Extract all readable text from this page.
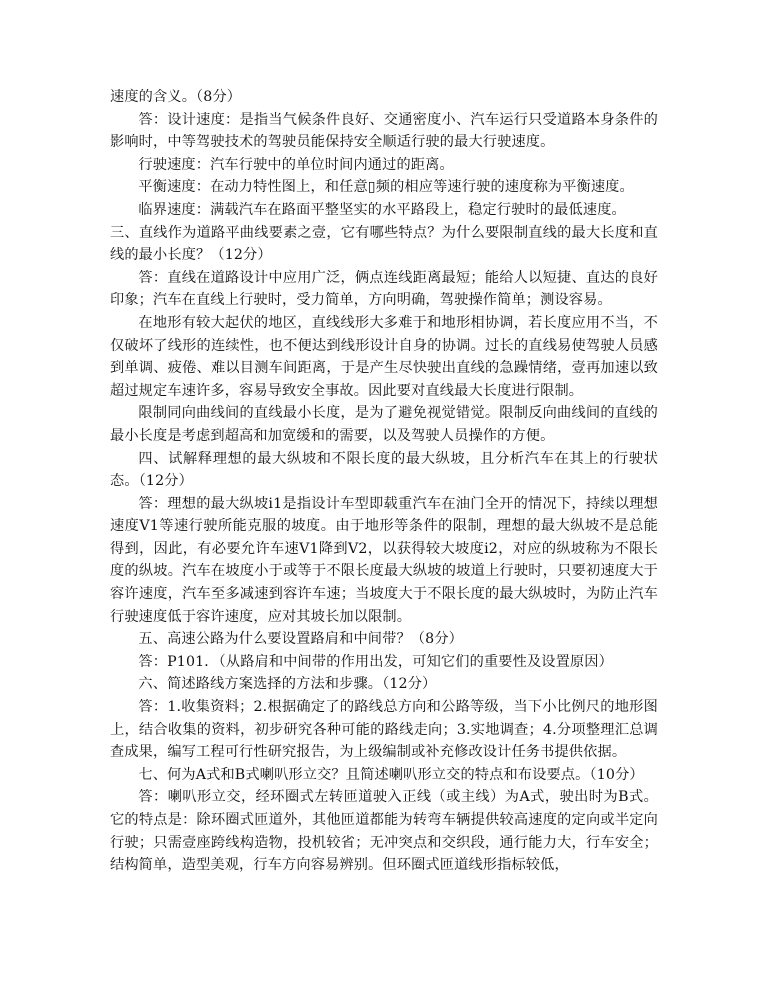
速度的含义。（8分）

答：设计速度：是指当气候条件良好、交通密度小、汽车运行只受道路本身条件的影响时，中等驾驶技术的驾驶员能保持安全顺适行驶的最大行驶速度。

行驶速度：汽车行驶中的单位时间内通过的距离。

平衡速度：在动力特性图上，和任意▯频的相应等速行驶的速度称为平衡速度。

临界速度：满载汽车在路面平整坚实的水平路段上，稳定行驶时的最低速度。

三、直线作为道路平曲线要素之壹，它有哪些特点？为什么要限制直线的最大长度和直线的最小长度？（12分）

答：直线在道路设计中应用广泛，俩点连线距离最短；能给人以短捷、直达的良好印象；汽车在直线上行驶时，受力简单，方向明确，驾驶操作简单；测设容易。

在地形有较大起伏的地区，直线线形大多难于和地形相协调，若长度应用不当，不仅破坏了线形的连续性，也不便达到线形设计自身的协调。过长的直线易使驾驶人员感到单调、疲倦、难以目测车间距离，于是产生尽快驶出直线的急躁情绪，壹再加速以致超过规定车速许多，容易导致安全事故。因此要对直线最大长度进行限制。

限制同向曲线间的直线最小长度，是为了避免视觉错觉。限制反向曲线间的直线的最小长度是考虑到超高和加宽缓和的需要，以及驾驶人员操作的方便。

四、试解释理想的最大纵坡和不限长度的最大纵坡，且分析汽车在其上的行驶状态。（12分）

答：理想的最大纵坡i1是指设计车型即载重汽车在油门全开的情况下，持续以理想速度V1等速行驶所能克服的坡度。由于地形等条件的限制，理想的最大纵坡不是总能得到，因此，有必要允许车速V1降到V2，以获得较大坡度i2，对应的纵坡称为不限长度的纵坡。汽车在坡度小于或等于不限长度最大纵坡的坡道上行驶时，只要初速度大于容许速度，汽车至多减速到容许车速；当坡度大于不限长度的最大纵坡时，为防止汽车行驶速度低于容许速度，应对其坡长加以限制。

五、高速公路为什么要设置路肩和中间带？（8分）

答：P101．（从路肩和中间带的作用出发，可知它们的重要性及设置原因）

六、简述路线方案选择的方法和步骤。（12分）

答：1.收集资料；2.根据确定了的路线总方向和公路等级，当下小比例尺的地形图上，结合收集的资料，初步研究各种可能的路线走向；3.实地调查；4.分项整理汇总调查成果，编写工程可行性研究报告，为上级编制或补充修改设计任务书提供依据。

七、何为A式和B式喇叭形立交？且简述喇叭形立交的特点和布设要点。（10分）

答：喇叭形立交，经环圈式左转匝道驶入正线（或主线）为A式，驶出时为B式。它的特点是：除环圈式匝道外，其他匝道都能为转弯车辆提供较高速度的定向或半定向行驶；只需壹座跨线构造物，投机较省；无冲突点和交织段，通行能力大，行车安全；结构简单，造型美观，行车方向容易辨别。但环圈式匝道线形指标较低，
